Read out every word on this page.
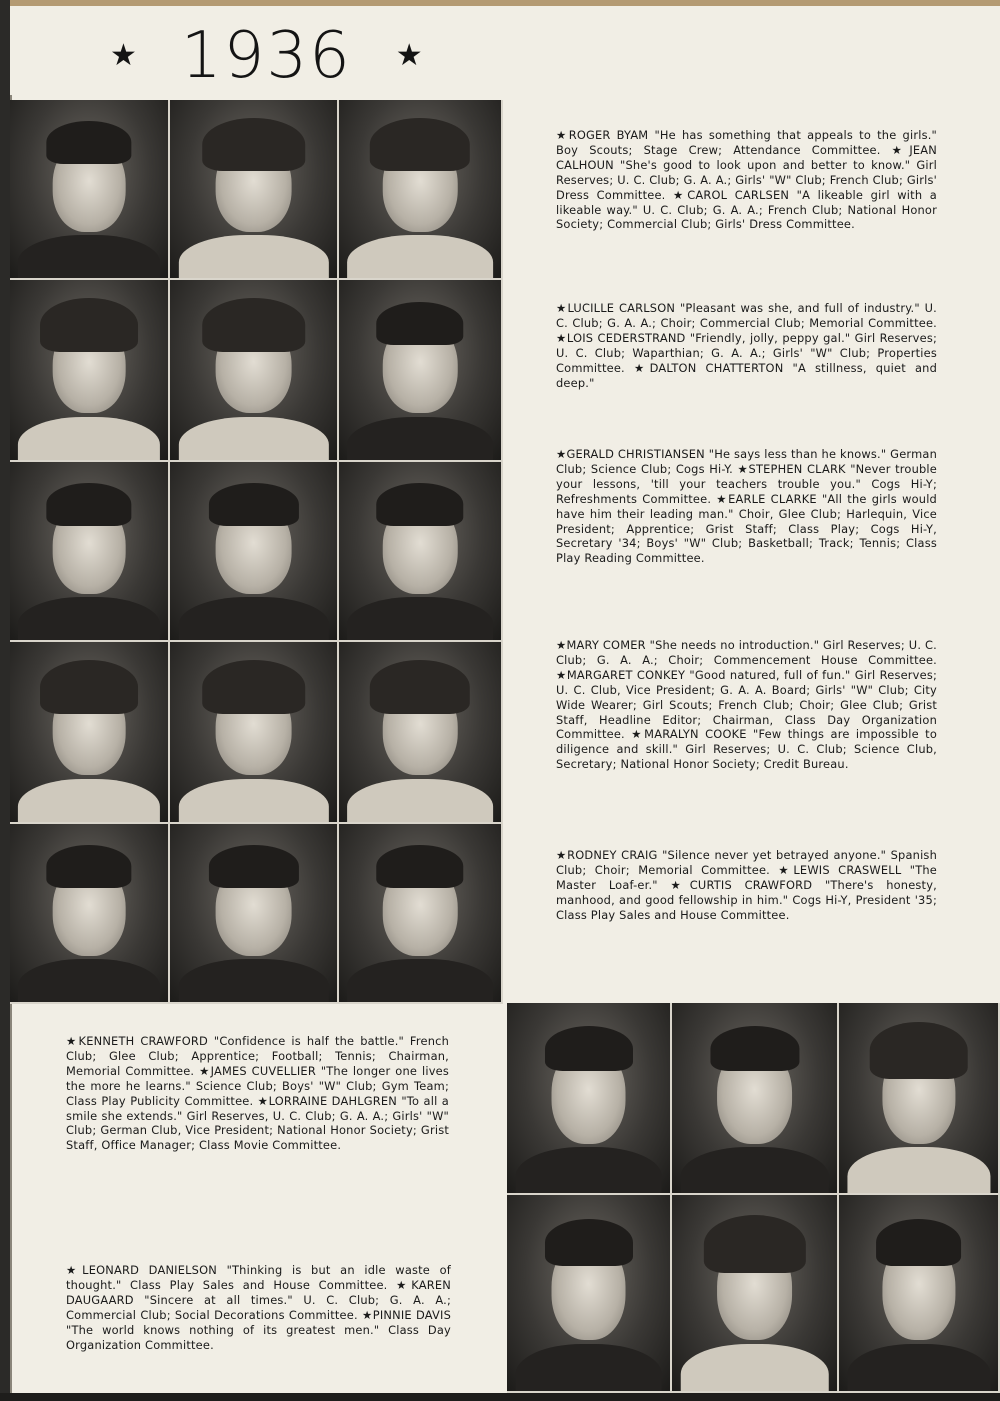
★ 1936 ★
★ROGER BYAM "He has something that appeals to the girls." Boy Scouts; Stage Crew; Attendance Committee. ★JEAN CALHOUN "She's good to look upon and better to know." Girl Reserves; U. C. Club; G. A. A.; Girls' "W" Club; French Club; Girls' Dress Committee. ★CAROL CARLSEN "A likeable girl with a likeable way." U. C. Club; G. A. A.; French Club; National Honor Society; Commercial Club; Girls' Dress Committee.
★LUCILLE CARLSON "Pleasant was she, and full of industry." U. C. Club; G. A. A.; Choir; Commercial Club; Memorial Committee. ★LOIS CEDERSTRAND "Friendly, jolly, peppy gal." Girl Reserves; U. C. Club; Waparthian; G. A. A.; Girls' "W" Club; Properties Committee. ★DALTON CHATTERTON "A stillness, quiet and deep."
★GERALD CHRISTIANSEN "He says less than he knows." German Club; Science Club; Cogs Hi-Y. ★STEPHEN CLARK "Never trouble your lessons, 'till your teachers trouble you." Cogs Hi-Y; Refreshments Committee. ★EARLE CLARKE "All the girls would have him their leading man." Choir, Glee Club; Harlequin, Vice President; Apprentice; Grist Staff; Class Play; Cogs Hi-Y, Secretary '34; Boys' "W" Club; Basketball; Track; Tennis; Class Play Reading Committee.
★MARY COMER "She needs no introduction." Girl Reserves; U. C. Club; G. A. A.; Choir; Commencement House Committee. ★MARGARET CONKEY "Good natured, full of fun." Girl Reserves; U. C. Club, Vice President; G. A. A. Board; Girls' "W" Club; City Wide Wearer; Girl Scouts; French Club; Choir; Glee Club; Grist Staff, Headline Editor; Chairman, Class Day Organization Committee. ★MARALYN COOKE "Few things are impossible to diligence and skill." Girl Reserves; U. C. Club; Science Club, Secretary; National Honor Society; Credit Bureau.
★RODNEY CRAIG "Silence never yet betrayed anyone." Spanish Club; Choir; Memorial Committee. ★LEWIS CRASWELL "The Master Loaf-er." ★CURTIS CRAWFORD "There's honesty, manhood, and good fellowship in him." Cogs Hi-Y, President '35; Class Play Sales and House Committee.
★KENNETH CRAWFORD "Confidence is half the battle." French Club; Glee Club; Apprentice; Football; Tennis; Chairman, Memorial Committee. ★JAMES CUVELLIER "The longer one lives the more he learns." Science Club; Boys' "W" Club; Gym Team; Class Play Publicity Committee. ★LORRAINE DAHLGREN "To all a smile she extends." Girl Reserves, U. C. Club; G. A. A.; Girls' "W" Club; German Club, Vice President; National Honor Society; Grist Staff, Office Manager; Class Movie Committee.
★LEONARD DANIELSON "Thinking is but an idle waste of thought." Class Play Sales and House Committee. ★KAREN DAUGAARD "Sincere at all times." U. C. Club; G. A. A.; Commercial Club; Social Decorations Committee. ★PINNIE DAVIS "The world knows nothing of its greatest men." Class Day Organization Committee.
